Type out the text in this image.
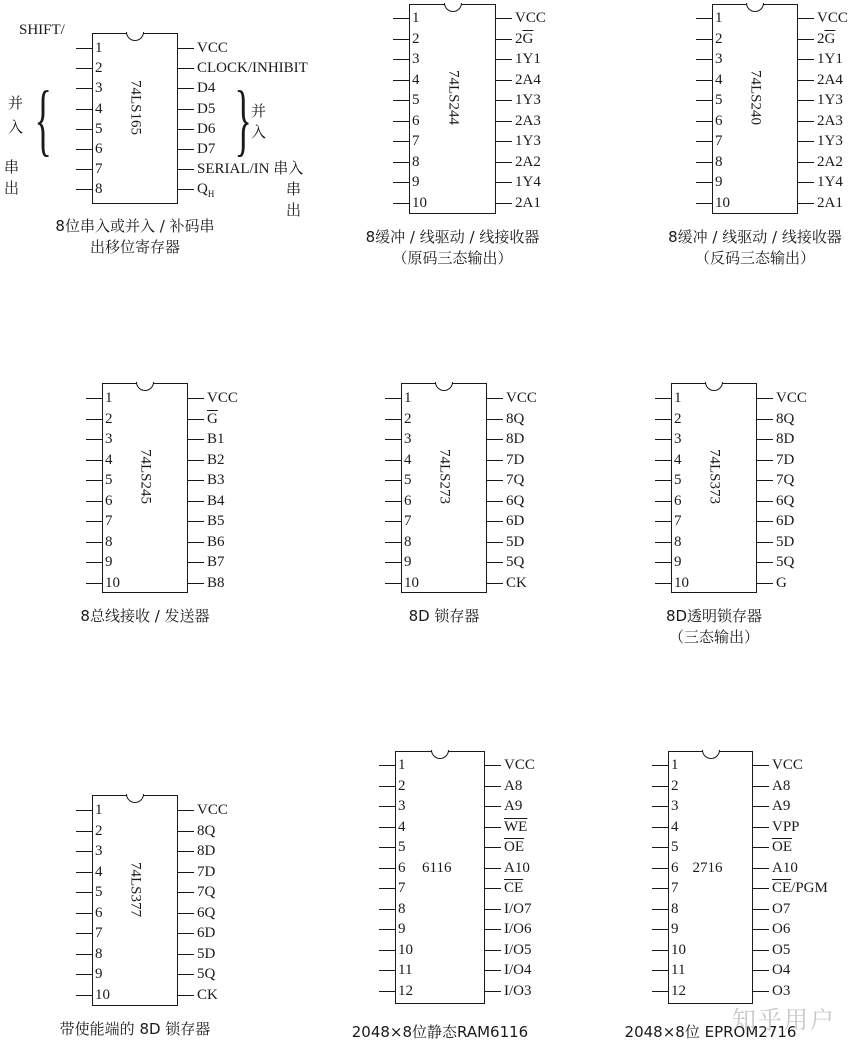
74LS165
1
2
3
4
5
6
7
8
VCC
CLOCK/INHIBIT
D4
D5
D6
D7
SERIAL/IN 串入
$Q_H$
8位串入或并入 / 补码串
出移位寄存器
SHIFT/
{ }
并
入
并
入
串出	串出
74LS244
1
2
3
4
5
6
7
8
9
10
VCC
$2\overline{G}$
1Y1
2A4
1Y3
2A3
1Y3
2A2
1Y4
2A1
8缓冲 / 线驱动 / 线接收器
（原码三态输出）
74LS240
1
2
3
4
5
6
7
8
9
10
VCC
$2\overline{G}$
1Y1
2A4
1Y3
2A3
1Y3
2A2
1Y4
2A1
8缓冲 / 线驱动 / 线接收器
（反码三态输出）
74LS245
1
2
3
4
5
6
7
8
9
10
VCC
$\overline{G}$
B1
B2
B3
B4
B5
B6
B7
B8
8总线接收 / 发送器
74LS273
1
2
3
4
5
6
7
8
9
10
VCC
8Q
8D
7D
7Q
6Q
6D
5D
5Q
CK
8D 锁存器
74LS373
1
2
3
4
5
6
7
8
9
10
VCC
8Q
8D
7D
7Q
6Q
6D
5D
5Q
G
8D透明锁存器
（三态输出）
74LS377
1
2
3
4
5
6
7
8
9
10
VCC
8Q
8D
7D
7Q
6Q
6D
5D
5Q
CK
带使能端的 8D 锁存器
6116
1
2
3
4
5
6
7
8
9
10
11
12
VCC
A8
A9
$\overline{WE}$
$\overline{OE}$
A10
$\overline{CE}$
I/O7
I/O6
I/O5
I/O4
I/O3
2048×8位静态RAM6116
2716
1
2
3
4
5
6
7
8
9
10
11
12
VCC
A8
A9
VPP
$\overline{OE}$
A10
$\overline{CE}$/PGM
O7
O6
O5
O4
O3
2048×8位 EPROM2716
知乎用户
